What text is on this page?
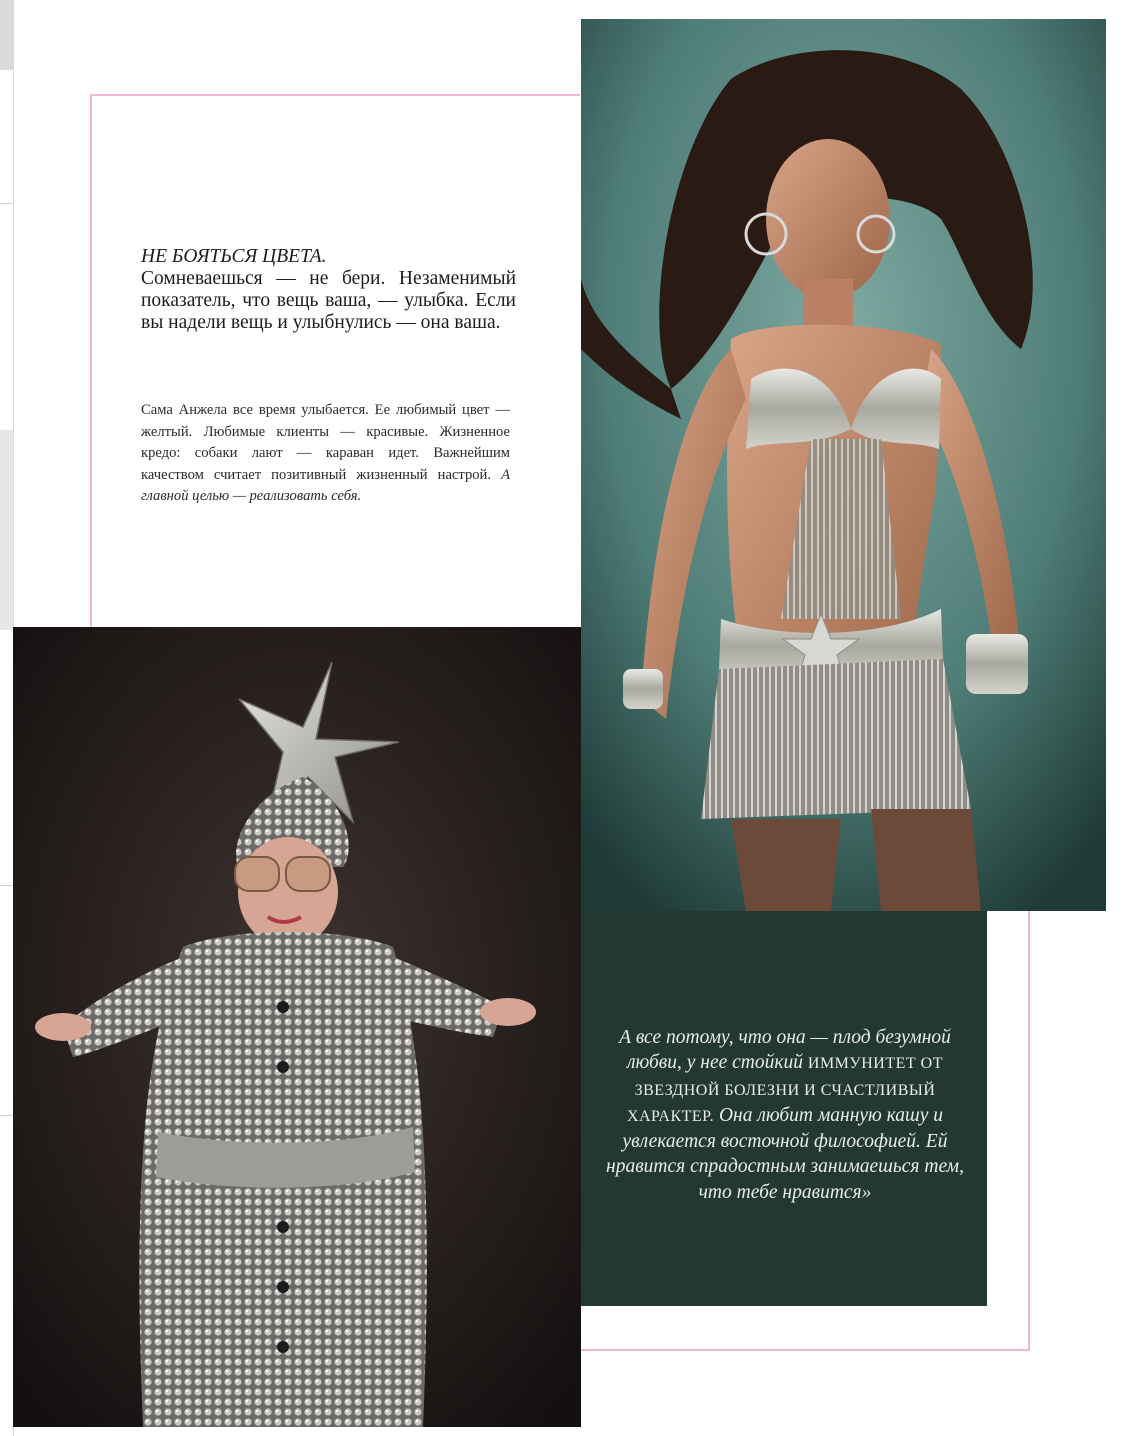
НЕ БОЯТЬСЯ ЦВЕТА.
Сомневаешься — не бери. Незаменимый показатель, что вещь ваша, — улыбка. Если вы надели вещь и улыбнулись — она ваша.
Сама Анжела все время улыбается. Ее любимый цвет — желтый. Любимые клиенты — красивые. Жизненное кредо: собаки лают — караван идет. Важнейшим качеством считает позитивный жизненный настрой. А главной целью — реализовать себя.
А все потому, что она — плод безумной любви, у нее стойкий ИММУНИТЕТ ОТ ЗВЕЗДНОЙ БОЛЕЗНИ И СЧАСТЛИВЫЙ ХАРАКТЕР. Она любит манную кашу и увлекается восточной философией. Ей нравится спрадостным занимаешься тем, что тебе нравится»
